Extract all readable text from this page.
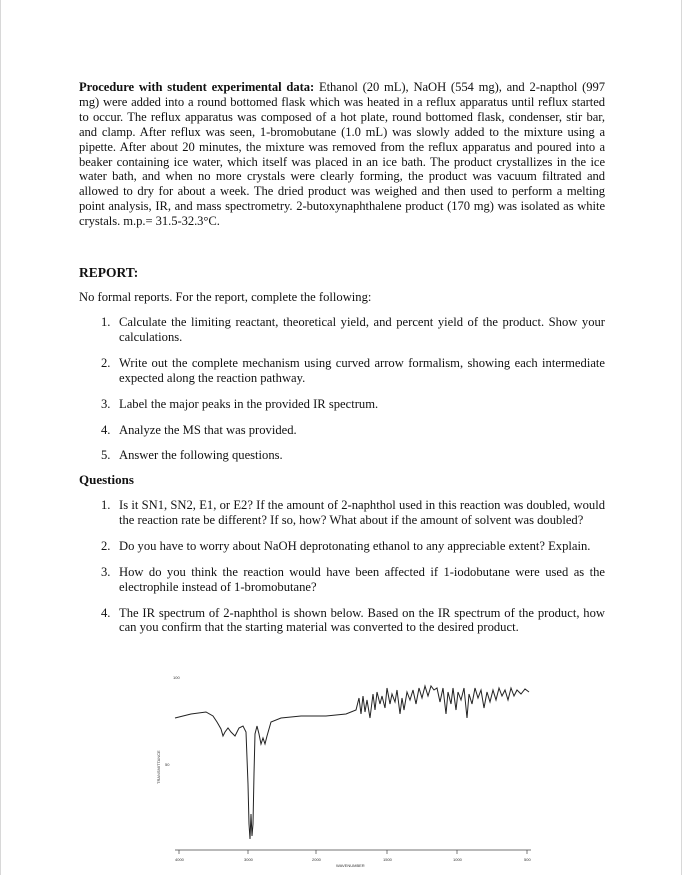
Procedure with student experimental data: Ethanol (20 mL), NaOH (554 mg), and 2-napthol (997 mg) were added into a round bottomed flask which was heated in a reflux apparatus until reflux started to occur. The reflux apparatus was composed of a hot plate, round bottomed flask, condenser, stir bar, and clamp. After reflux was seen, 1-bromobutane (1.0 mL) was slowly added to the mixture using a pipette. After about 20 minutes, the mixture was removed from the reflux apparatus and poured into a beaker containing ice water, which itself was placed in an ice bath. The product crystallizes in the ice water bath, and when no more crystals were clearly forming, the product was vacuum filtrated and allowed to dry for about a week. The dried product was weighed and then used to perform a melting point analysis, IR, and mass spectrometry. 2-butoxynaphthalene product (170 mg) was isolated as white crystals. m.p.= 31.5-32.3°C.

REPORT:
No formal reports. For the report, complete the following:
1. Calculate the limiting reactant, theoretical yield, and percent yield of the product. Show your calculations.
2. Write out the complete mechanism using curved arrow formalism, showing each intermediate expected along the reaction pathway.
3. Label the major peaks in the provided IR spectrum.
4. Analyze the MS that was provided.
5. Answer the following questions.
Questions
1. Is it SN1, SN2, E1, or E2? If the amount of 2-naphthol used in this reaction was doubled, would the reaction rate be different? If so, how? What about if the amount of solvent was doubled?
2. Do you have to worry about NaOH deprotonating ethanol to any appreciable extent? Explain.
3. How do you think the reaction would have been affected if 1-iodobutane were used as the electrophile instead of 1-bromobutane?
4. The IR spectrum of 2-naphthol is shown below. Based on the IR spectrum of the product, how can you confirm that the starting material was converted to the desired product.
100
TRANSMITTANCE 50
4000	3000	2000	1500	1000	500
WAVENUMBER
